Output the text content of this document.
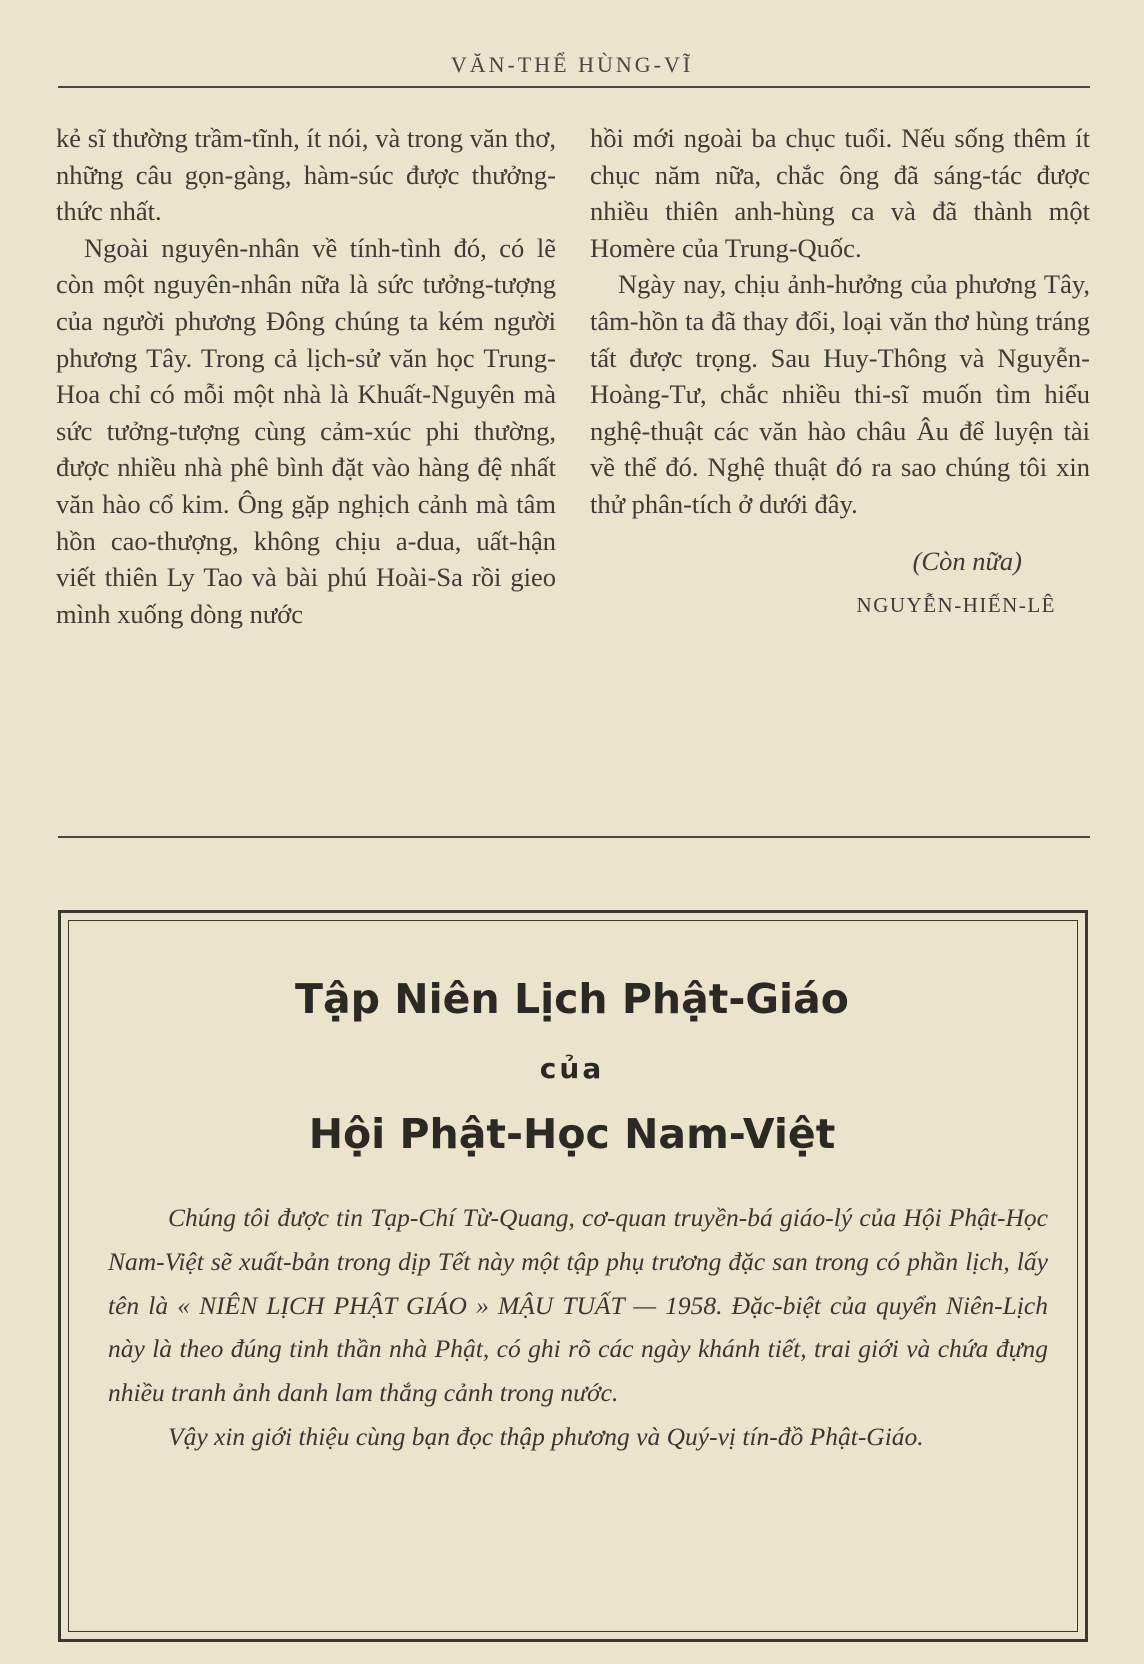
VĂN-THỂ HÙNG-VĨ

kẻ sĩ thường trầm-tĩnh, ít nói, và trong văn thơ, những câu gọn-gàng, hàm-súc được thưởng-thức nhất.

Ngoài nguyên-nhân về tính-tình đó, có lẽ còn một nguyên-nhân nữa là sức tưởng-tượng của người phương Đông chúng ta kém người phương Tây. Trong cả lịch-sử văn học Trung-Hoa chỉ có mỗi một nhà là Khuất-Nguyên mà sức tưởng-tượng cùng cảm-xúc phi thường, được nhiều nhà phê bình đặt vào hàng đệ nhất văn hào cổ kim. Ông gặp nghịch cảnh mà tâm hồn cao-thượng, không chịu a-dua, uất-hận viết thiên Ly Tao và bài phú Hoài-Sa rồi gieo mình xuống dòng nước

hồi mới ngoài ba chục tuổi. Nếu sống thêm ít chục năm nữa, chắc ông đã sáng-tác được nhiều thiên anh-hùng ca và đã thành một Homère của Trung-Quốc.

Ngày nay, chịu ảnh-hưởng của phương Tây, tâm-hồn ta đã thay đổi, loại văn thơ hùng tráng tất được trọng. Sau Huy-Thông và Nguyễn-Hoàng-Tư, chắc nhiều thi-sĩ muốn tìm hiểu nghệ-thuật các văn hào châu Âu để luyện tài về thể đó. Nghệ thuật đó ra sao chúng tôi xin thử phân-tích ở dưới đây.

(Còn nữa)

NGUYỄN-HIẾN-LÊ

Tập Niên Lịch Phật-Giáo
của
Hội Phật-Học Nam-Việt

Chúng tôi được tin Tạp-Chí Từ-Quang, cơ-quan truyền-bá giáo-lý của Hội Phật-Học Nam-Việt sẽ xuất-bản trong dịp Tết này một tập phụ trương đặc san trong có phần lịch, lấy tên là « NIÊN LỊCH PHẬT GIÁO » MẬU TUẤT — 1958. Đặc-biệt của quyển Niên-Lịch này là theo đúng tinh thần nhà Phật, có ghi rõ các ngày khánh tiết, trai giới và chứa đựng nhiều tranh ảnh danh lam thắng cảnh trong nước.

Vậy xin giới thiệu cùng bạn đọc thập phương và Quý-vị tín-đồ Phật-Giáo.
